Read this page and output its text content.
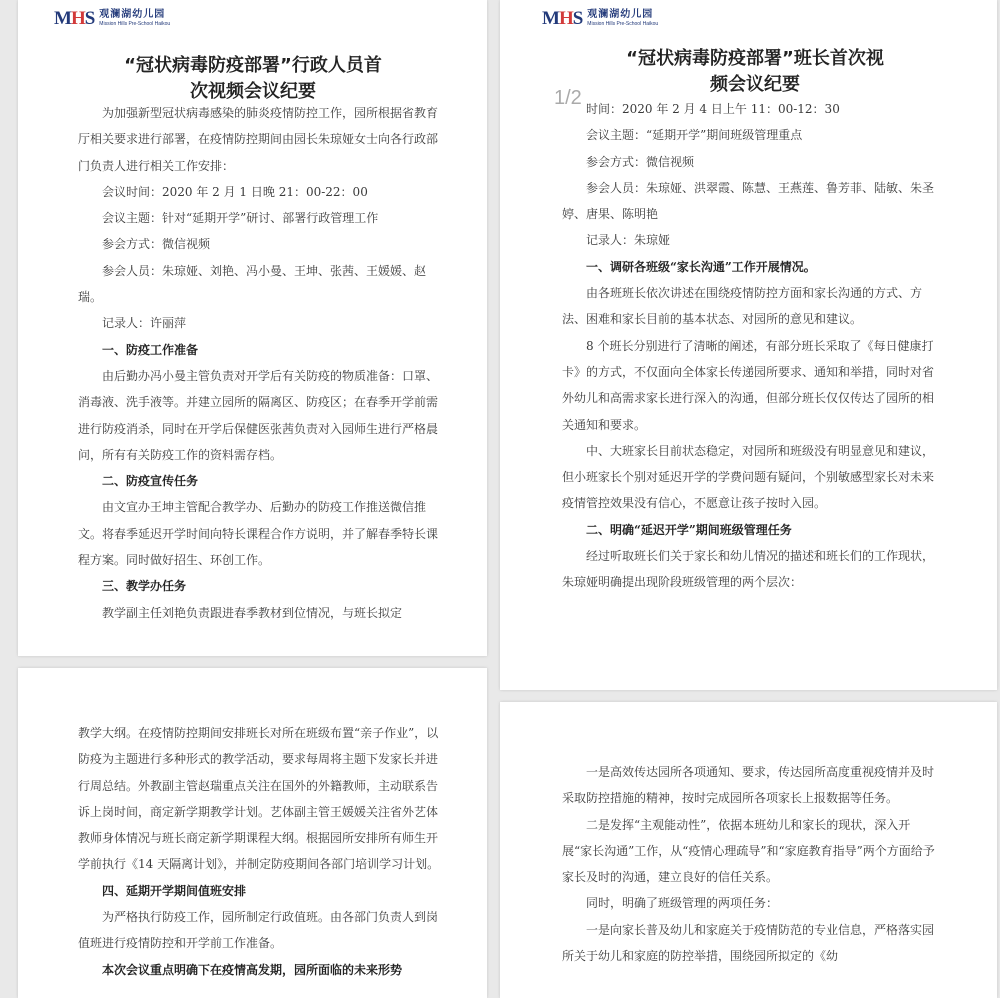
MHS 观澜湖幼儿园
Mission Hills Pre-School Haikou
“冠状病毒防疫部署”行政人员首
次视频会议纪要
MHS 观澜湖幼儿园
Mission Hills Pre-School Haikou
“冠状病毒防疫部署”班长首次视
频会议纪要
1/2
为加强新型冠状病毒感染的肺炎疫情防控工作，园所根据省教育厅相关要求进行部署，在疫情防控期间由园长朱琼娅女士向各行政部门负责人进行相关工作安排：
会议时间：2020 年 2 月 1 日晚 21：00-22：00
会议主题：针对“延期开学”研讨、部署行政管理工作
参会方式：微信视频
参会人员：朱琼娅、刘艳、冯小曼、王坤、张茜、王媛媛、赵瑞。
记录人：许丽萍
一、防疫工作准备
由后勤办冯小曼主管负责对开学后有关防疫的物质准备：口罩、消毒液、洗手液等。并建立园所的隔离区、防疫区；在春季开学前需进行防疫消杀，同时在开学后保健医张茜负责对入园师生进行严格晨问，所有有关防疫工作的资料需存档。
二、防疫宣传任务
由文宣办王坤主管配合教学办、后勤办的防疫工作推送微信推文。将春季延迟开学时间向特长课程合作方说明，并了解春季特长课程方案。同时做好招生、环创工作。
三、教学办任务
教学副主任刘艳负责跟进春季教材到位情况，与班长拟定
时间：2020 年 2 月 4 日上午 11：00-12：30
会议主题：“延期开学”期间班级管理重点
参会方式：微信视频
参会人员：朱琼娅、洪翠霞、陈慧、王燕莲、鲁芳菲、陆敏、朱圣婷、唐果、陈明艳
记录人：朱琼娅
一、调研各班级“家长沟通”工作开展情况。
由各班班长依次讲述在围绕疫情防控方面和家长沟通的方式、方法、困难和家长目前的基本状态、对园所的意见和建议。
8 个班长分别进行了清晰的阐述，有部分班长采取了《每日健康打卡》的方式，不仅面向全体家长传递园所要求、通知和举措，同时对省外幼儿和高需求家长进行深入的沟通，但部分班长仅仅传达了园所的相关通知和要求。
中、大班家长目前状态稳定，对园所和班级没有明显意见和建议，但小班家长个别对延迟开学的学费问题有疑问，个别敏感型家长对未来疫情管控效果没有信心，不愿意让孩子按时入园。
二、明确“延迟开学”期间班级管理任务
经过听取班长们关于家长和幼儿情况的描述和班长们的工作现状，朱琼娅明确提出现阶段班级管理的两个层次：
教学大纲。在疫情防控期间安排班长对所在班级布置“亲子作业”，以防疫为主题进行多种形式的教学活动，要求每周将主题下发家长并进行周总结。外教副主管赵瑞重点关注在国外的外籍教师，主动联系告诉上岗时间，商定新学期教学计划。艺体副主管王媛媛关注省外艺体教师身体情况与班长商定新学期课程大纲。根据园所安排所有师生开学前执行《14 天隔离计划》，并制定防疫期间各部门培训学习计划。
四、延期开学期间值班安排
为严格执行防疫工作，园所制定行政值班。由各部门负责人到岗值班进行疫情防控和开学前工作准备。
本次会议重点明确下在疫情高发期，园所面临的未来形势
一是高效传达园所各项通知、要求，传达园所高度重视疫情并及时采取防控措施的精神，按时完成园所各项家长上报数据等任务。
二是发挥“主观能动性”，依据本班幼儿和家长的现状，深入开展“家长沟通”工作，从“疫情心理疏导”和“家庭教育指导”两个方面给予家长及时的沟通，建立良好的信任关系。
同时，明确了班级管理的两项任务：
一是向家长普及幼儿和家庭关于疫情防范的专业信息，严格落实园所关于幼儿和家庭的防控举措，围绕园所拟定的《幼
